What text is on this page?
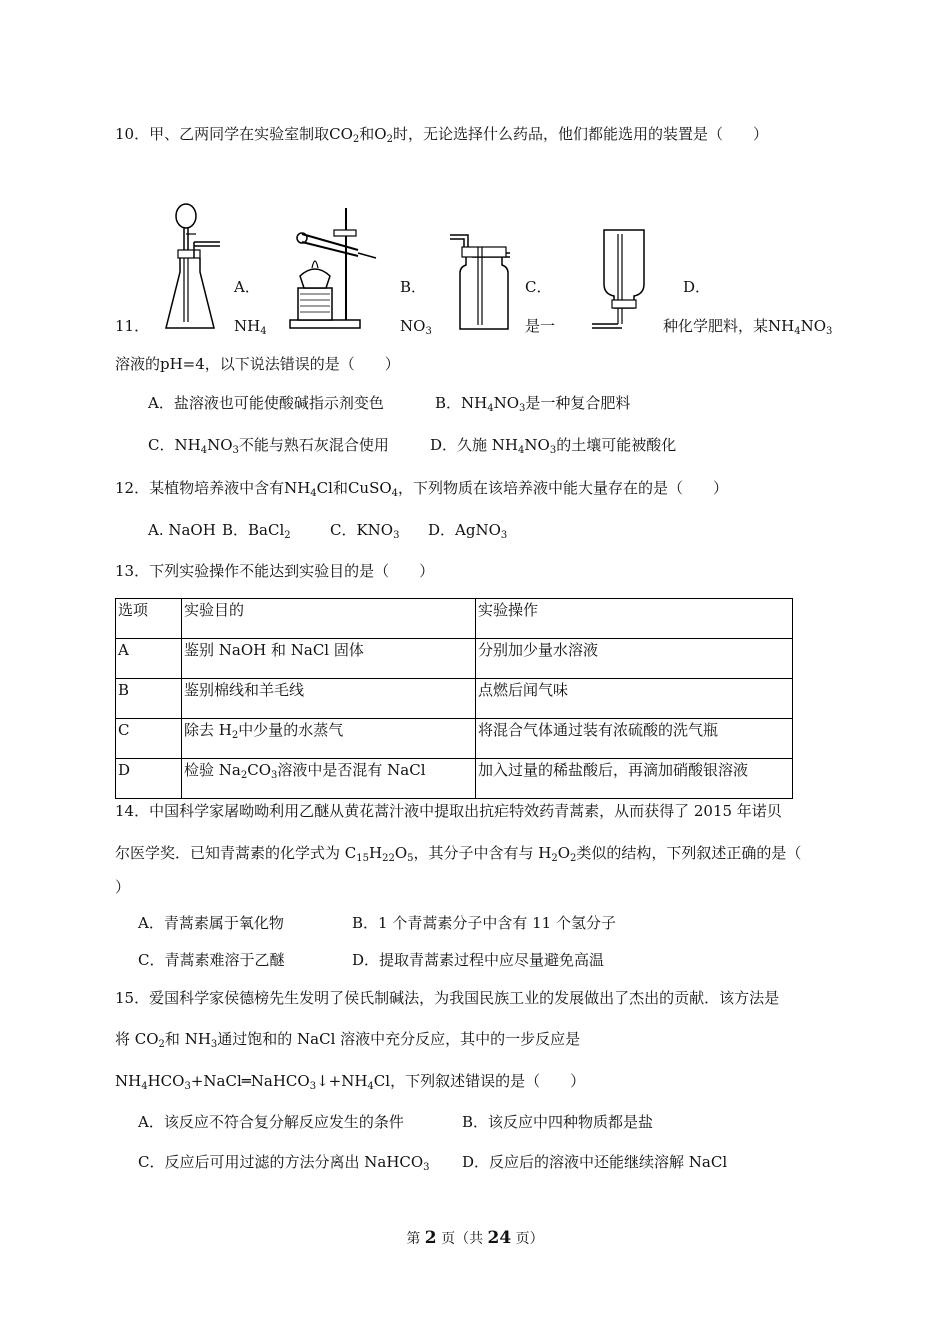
10．甲、乙两同学在实验室制取$CO_2$和$O_2$时，无论选择什么药品，他们都能选用的装置是（　　）
A．	B．	C．	D．
11．	$NH_4$	$NO_3$	是一	种化学肥料，某$NH_4NO_3$
溶液的pH=4，以下说法错误的是（　　）
A．盐溶液也可能使酸碱指示剂变色	B．$NH_4NO_3$是一种复合肥料
C．$NH_4NO_3$不能与熟石灰混合使用	D．久施 $NH_4NO_3$的土壤可能被酸化
12．某植物培养液中含有$NH_4Cl$和CuSO$_4$，下列物质在该培养液中能大量存在的是（　　）
A. NaOH B．BaCl$_2$	C．$KNO_3$ D．AgNO$_3$
13．下列实验操作不能达到实验目的是（　　）
选项	实验目的	实验操作
A	鉴别 NaOH 和 NaCl 固体	分别加少量水溶液
B	鉴别棉线和羊毛线	点燃后闻气味
C	除去 $H_2$中少量的水蒸气	将混合气体通过装有浓硫酸的洗气瓶
D	检验 $Na_2CO_3$溶液中是否混有 NaCl	加入过量的稀盐酸后，再滴加硝酸银溶液
14．中国科学家屠呦呦利用乙醚从黄花蒿汁液中提取出抗疟特效药青蒿素，从而获得了 2015 年诺贝
尔医学奖．已知青蒿素的化学式为 $C_{15}H_{22}O_5$，其分子中含有与 $H_2O_2$类似的结构，下列叙述正确的是（
）
A．青蒿素属于氧化物	B．1 个青蒿素分子中含有 11 个氢分子
C．青蒿素难溶于乙醚	D．提取青蒿素过程中应尽量避免高温
15．爱国科学家侯德榜先生发明了侯氏制碱法，为我国民族工业的发展做出了杰出的贡献．该方法是
将 $CO_2$和 $NH_3$通过饱和的 NaCl 溶液中充分反应，其中的一步反应是
$NH_4HCO_3+NaCl═NaHCO_3↓+NH_4Cl$，下列叙述错误的是（　　）
A．该反应不符合复分解反应发生的条件	B．该反应中四种物质都是盐
C．反应后可用过滤的方法分离出 NaHCO$_3$ D．反应后的溶液中还能继续溶解 NaCl
第 2 页（共 24 页）
